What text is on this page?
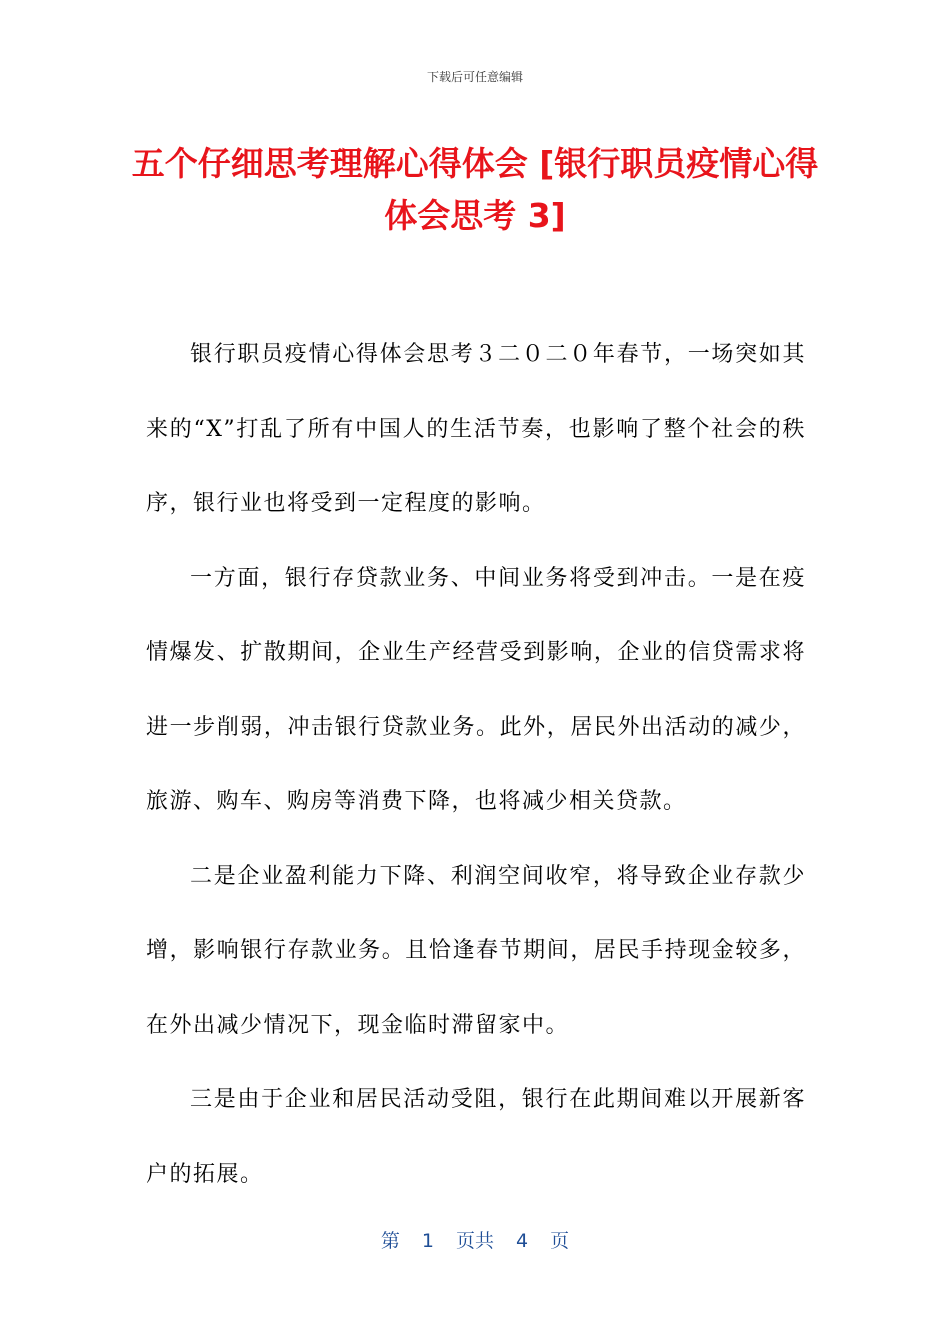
下载后可任意编辑
五个仔细思考理解心得体会 [银行职员疫情心得体会思考 3]

银行职员疫情心得体会思考３二０二０年春节，一场突如其来的“X”打乱了所有中国人的生活节奏，也影响了整个社会的秩序，银行业也将受到一定程度的影响。

一方面，银行存贷款业务、中间业务将受到冲击。一是在疫情爆发、扩散期间，企业生产经营受到影响，企业的信贷需求将进一步削弱，冲击银行贷款业务。此外，居民外出活动的减少，旅游、购车、购房等消费下降，也将减少相关贷款。

二是企业盈利能力下降、利润空间收窄，将导致企业存款少增，影响银行存款业务。且恰逢春节期间，居民手持现金较多，在外出减少情况下，现金临时滞留家中。

三是由于企业和居民活动受阻，银行在此期间难以开展新客户的拓展。

第 1 页共 4 页
